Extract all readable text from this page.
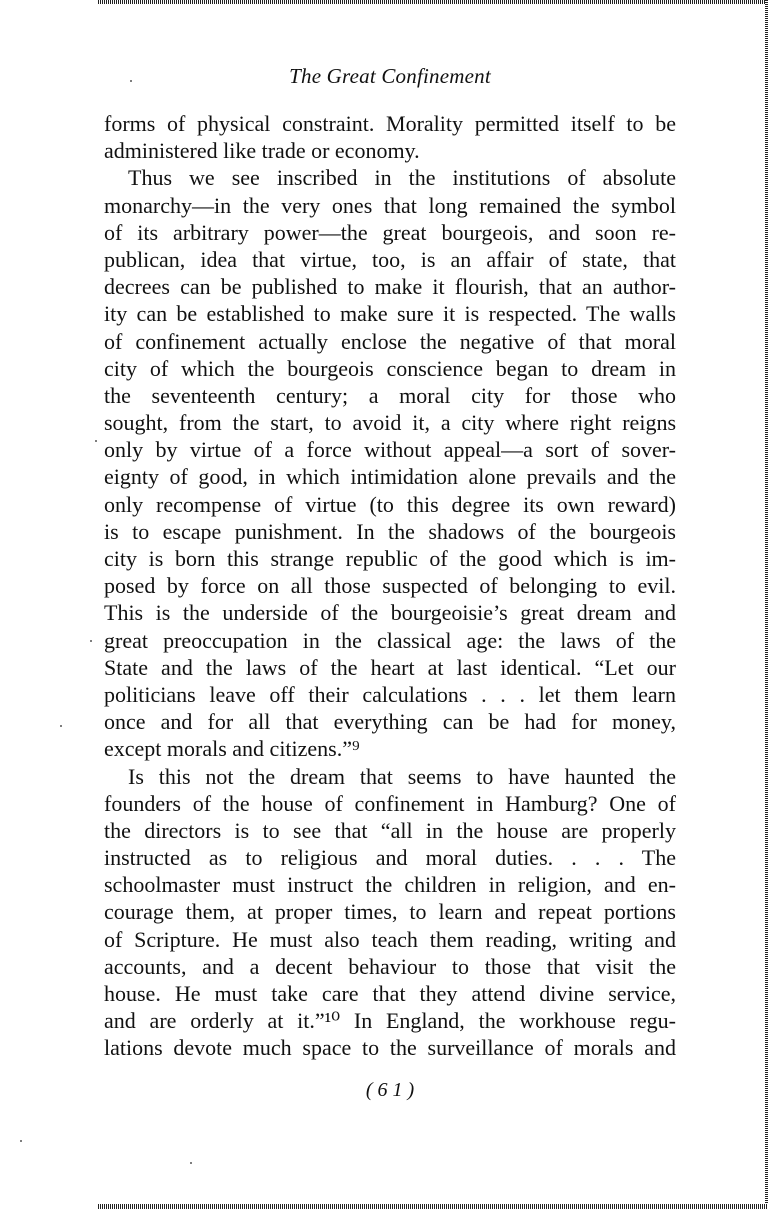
The Great Confinement
forms of physical constraint. Morality permitted itself to be
administered like trade or economy.
Thus we see inscribed in the institutions of absolute
monarchy—in the very ones that long remained the symbol
of its arbitrary power—the great bourgeois, and soon re-
publican, idea that virtue, too, is an affair of state, that
decrees can be published to make it flourish, that an author-
ity can be established to make sure it is respected. The walls
of confinement actually enclose the negative of that moral
city of which the bourgeois conscience began to dream in
the seventeenth century; a moral city for those who
sought, from the start, to avoid it, a city where right reigns
only by virtue of a force without appeal—a sort of sover-
eignty of good, in which intimidation alone prevails and the
only recompense of virtue (to this degree its own reward)
is to escape punishment. In the shadows of the bourgeois
city is born this strange republic of the good which is im-
posed by force on all those suspected of belonging to evil.
This is the underside of the bourgeoisie’s great dream and
great preoccupation in the classical age: the laws of the
State and the laws of the heart at last identical. “Let our
politicians leave off their calculations . . . let them learn
once and for all that everything can be had for money,
except morals and citizens.”⁹
Is this not the dream that seems to have haunted the
founders of the house of confinement in Hamburg? One of
the directors is to see that “all in the house are properly
instructed as to religious and moral duties. . . . The
schoolmaster must instruct the children in religion, and en-
courage them, at proper times, to learn and repeat portions
of Scripture. He must also teach them reading, writing and
accounts, and a decent behaviour to those that visit the
house. He must take care that they attend divine service,
and are orderly at it.”¹⁰ In England, the workhouse regu-
lations devote much space to the surveillance of morals and
( 6 1 )
